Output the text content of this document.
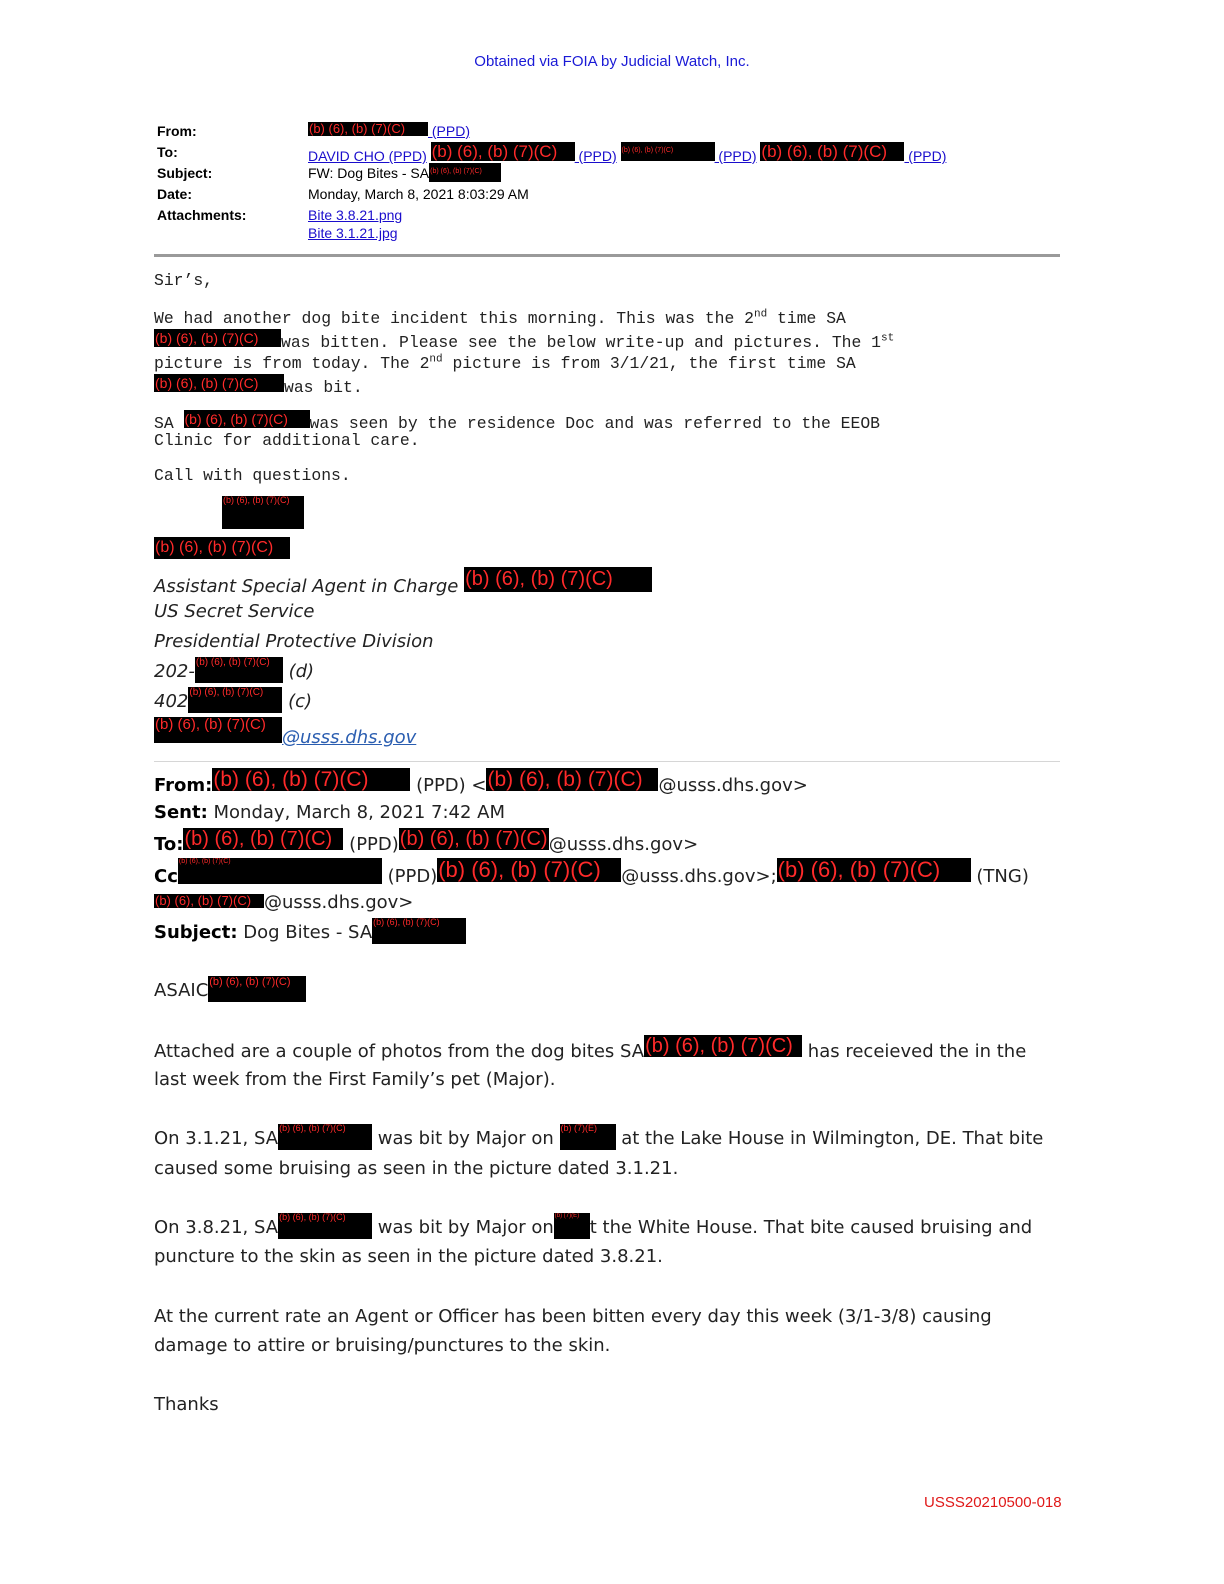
Obtained via FOIA by Judicial Watch, Inc.
From:	(b) (6), (b) (7)(C) (PPD)
To:	DAVID CHO (PPD) (b) (6), (b) (7)(C) (PPD) (b) (6), (b) (7)(C)	(PPD) (b) (6), (b) (7)(C) (PPD)
Subject:	FW: Dog Bites - SA(b) (6), (b) (7)(C)
Date:	Monday, March 8, 2021 8:03:29 AM
Attachments:	Bite 3.8.21.png
Bite 3.1.21.jpg

Sir’s,

We had another dog bite incident this morning. This was the 2nd time SA

(b) (6), (b) (7)(C) was bitten. Please see the below write-up and pictures. The 1st

picture is from today. The 2nd picture is from 3/1/21, the first time SA

(b) (6), (b) (7)(C) was bit.

SA (b) (6), (b) (7)(C) was seen by the residence Doc and was referred to the EEOB

Clinic for additional care.

Call with questions.

(b) (6), (b) (7)(C)
(b) (6), (b) (7)(C)
Assistant Special Agent in Charge (b) (6), (b) (7)(C)
US Secret Service
Presidential Protective Division
202-(b) (6), (b) (7)(C) (d)
402(b) (6), (b) (7)(C) (c)
(b) (6), (b) (7)(C)@usss.dhs.gov
From:(b) (6), (b) (7)(C) (PPD) <(b) (6), (b) (7)(C) @usss.dhs.gov>
Sent: Monday, March 8, 2021 7:42 AM
To:(b) (6), (b) (7)(C) (PPD)(b) (6), (b) (7)(C)@usss.dhs.gov>
Cc(b) (6), (b) (7)(C) (PPD)(b) (6), (b) (7)(C) @usss.dhs.gov>;(b) (6), (b) (7)(C) (TNG)
(b) (6), (b) (7)(C) @usss.dhs.gov>
Subject: Dog Bites - SA(b) (6), (b) (7)(C)
ASAIC(b) (6), (b) (7)(C)
Attached are a couple of photos from the dog bites SA(b) (6), (b) (7)(C) has receieved the in the
last week from the First Family’s pet (Major).
On 3.1.21, SA(b) (6), (b) (7)(C) was bit by Major on (b) (7)(E) at the Lake House in Wilmington, DE. That bite
caused some bruising as seen in the picture dated 3.1.21.
On 3.8.21, SA(b) (6), (b) (7)(C) was bit by Major on(b) (7)(E)t the White House. That bite caused bruising and
puncture to the skin as seen in the picture dated 3.8.21.
At the current rate an Agent or Officer has been bitten every day this week (3/1-3/8) causing
damage to attire or bruising/punctures to the skin.
Thanks
USSS20210500-018
